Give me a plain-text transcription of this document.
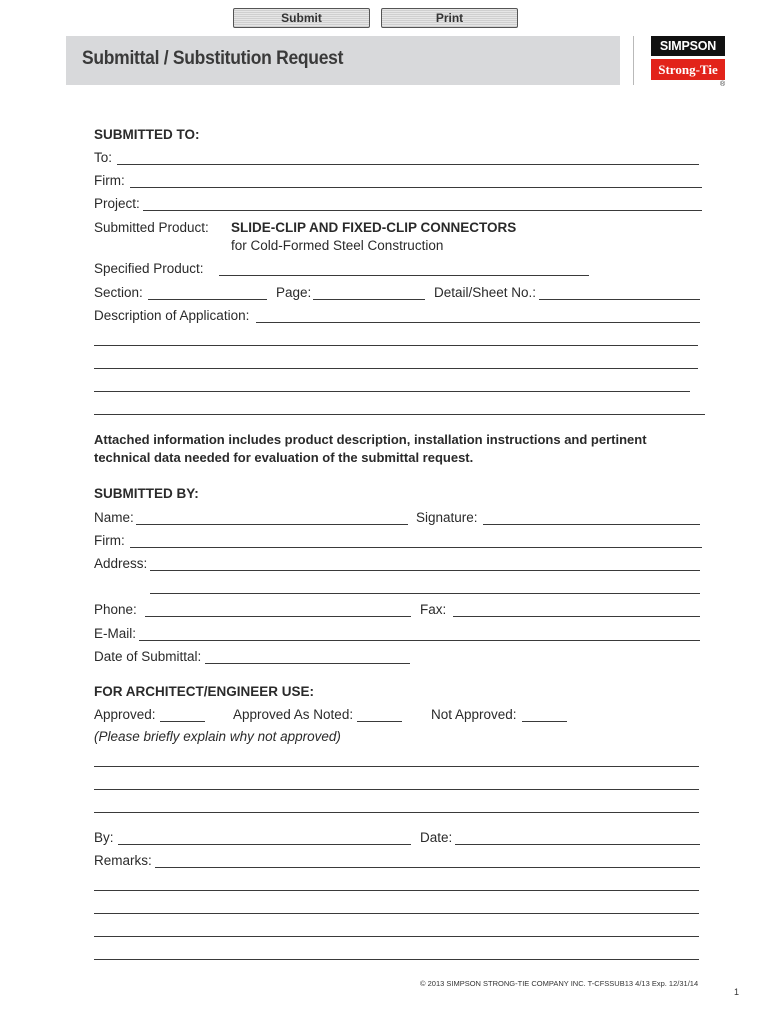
Submit	Print
Submittal / Substitution Request
SIMPSON
Strong-Tie
®
SUBMITTED TO:
To:
Firm:
Project:
Submitted Product: SLIDE-CLIP AND FIXED-CLIP CONNECTORS
for Cold-Formed Steel Construction
Specified Product:
Section:	Page:	Detail/Sheet No.:
Description of Application:
Attached information includes product description, installation instructions and pertinent
technical data needed for evaluation of the submittal request.
SUBMITTED BY:
Name:	Signature:
Firm:
Address:
Phone:	Fax:
E-Mail:
Date of Submittal:
FOR ARCHITECT/ENGINEER USE:
Approved:	Approved As Noted:	Not Approved:
(Please briefly explain why not approved)
By:	Date:
Remarks:
© 2013 SIMPSON STRONG-TIE COMPANY INC. T-CFSSUB13 4/13 Exp. 12/31/14
1
